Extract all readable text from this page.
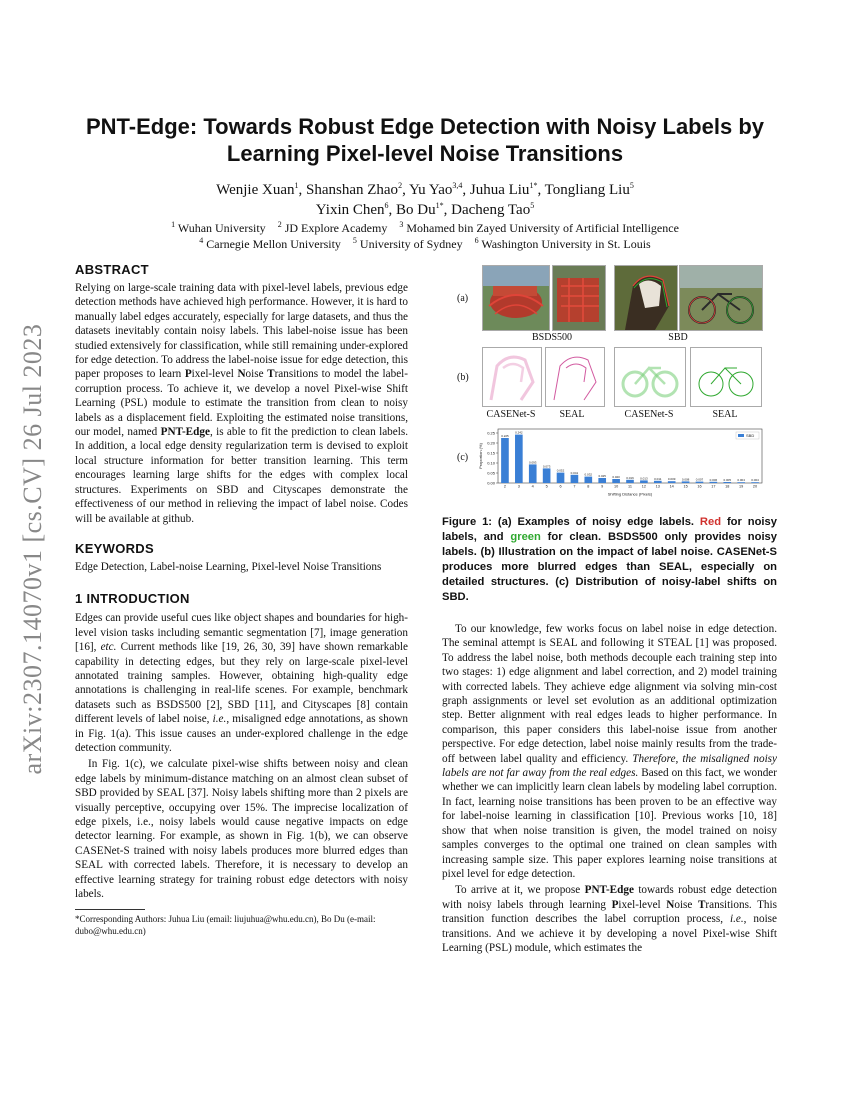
arXiv:2307.14070v1 [cs.CV] 26 Jul 2023
PNT-Edge: Towards Robust Edge Detection with Noisy Labels by
Learning Pixel-level Noise Transitions
Wenjie Xuan$^1$, Shanshan Zhao$^2$, Yu Yao$^{3,4}$, Juhua Liu$^{1*}$, Tongliang Liu$^5$
Yixin Chen$^6$, Bo $Du^{1*}$, Dacheng Tao$^5$
$^1$ Wuhan University    $^2$ JD Explore Academy    $^3$ Mohamed bin Zayed University of Artificial Intelligence
$^4$ Carnegie Mellon University    $^5$ University of Sydney    $^6$ Washington University in St. Louis
ABSTRACT

Relying on large-scale training data with pixel-level labels, previous edge detection methods have achieved high performance. However, it is hard to manually label edges accurately, especially for large datasets, and thus the datasets inevitably contain noisy labels. This label-noise issue has been studied extensively for classification, while still remaining under-explored for edge detection. To address the label-noise issue for edge detection, this paper proposes to learn Pixel-level Noise Transitions to model the label-corruption process. To achieve it, we develop a novel Pixel-wise Shift Learning (PSL) module to estimate the transition from clean to noisy labels as a displacement field. Exploiting the estimated noise transitions, our model, named PNT-Edge, is able to fit the prediction to clean labels. In addition, a local edge density regularization term is devised to exploit local structure information for better transition learning. This term encourages learning large shifts for the edges with complex local structures. Experiments on SBD and Cityscapes demonstrate the effectiveness of our method in relieving the impact of label noise. Codes will be available at github.

KEYWORDS
Edge Detection, Label-noise Learning, Pixel-level Noise Transitions
1 INTRODUCTION

Edges can provide useful cues like object shapes and boundaries for high-level vision tasks including semantic segmentation [7], image generation [16], etc. Current methods like [19, 26, 30, 39] have shown remarkable capability in detecting edges, but they rely on large-scale pixel-level annotated training samples. However, obtaining high-quality edge annotations is challenging in real-life scenes. For example, benchmark datasets such as BSDS500 [2], SBD [11], and Cityscapes [8] contain different levels of label noise, i.e., misaligned edge annotations, as shown in Fig. 1(a). This issue causes an under-explored challenge in the edge detection community.

In Fig. 1(c), we calculate pixel-wise shifts between noisy and clean edge labels by minimum-distance matching on an almost clean subset of SBD provided by SEAL [37]. Noisy labels shifting more than 2 pixels are visually perceptive, occupying over 15%. The imprecise localization of edge pixels, i.e., noisy labels would cause negative impacts on edge detector learning. For example, as shown in Fig. 1(b), we can observe CASENet-S trained with noisy labels produces more blurred edges than SEAL with corrected labels. Therefore, it is necessary to develop an effective learning strategy for training robust edge detectors with noisy labels.

*Corresponding Authors: Juhua Liu (email: liujuhua@whu.edu.cn), Bo Du (e-mail: dubo@whu.edu.cn)
(a)
(b)
(c)
BSDS500	SBD
CASENet-S	SEAL	CASENet-S	SEAL
0.00
0.05
0.10
0.15
0.20
0.25
0.225
2
0.242
3
0.093
4
0.073
5
0.052
6
0.041
7
0.032
8
0.025
9
0.020
10
0.016
11
0.013
12
0.011
13
0.009
14
0.008
15
0.007
16
0.006
17
0.005
18
0.004
19
0.004
20
Shifting Distance (Pixels)
Proportion (%)
SBD
Figure 1: (a) Examples of noisy edge labels. Red for noisy labels, and green for clean. BSDS500 only provides noisy labels. (b) Illustration on the impact of label noise. CASENet-S produces more blurred edges than SEAL, especially on detailed structures. (c) Distribution of noisy-label shifts on SBD.

To our knowledge, few works focus on label noise in edge detection. The seminal attempt is SEAL and following it STEAL [1] was proposed. To address the label noise, both methods decouple each training step into two stages: 1) edge alignment and label correction, and 2) model training with corrected labels. They achieve edge alignment via solving min-cost graph assignments or level set evolution as an additional optimization step. Better alignment with real edges leads to higher performance. In comparison, this paper considers this label-noise issue from another perspective. For edge detection, label noise mainly results from the trade-off between label quality and efficiency. Therefore, the misaligned noisy labels are not far away from the real edges. Based on this fact, we wonder whether we can implicitly learn clean labels by modeling label corruption. In fact, learning noise transitions has been proven to be an effective way for label-noise learning in classification [10]. Previous works [10, 18] show that when noise transition is given, the model trained on noisy samples converges to the optimal one trained on clean samples with increasing sample size. This paper explores learning noise transitions at pixel level for edge detection.

To arrive at it, we propose PNT-Edge towards robust edge detection with noisy labels through learning Pixel-level Noise Transitions. This transition function describes the label corruption process, i.e., noise transitions. And we achieve it by developing a novel Pixel-wise Shift Learning (PSL) module, which estimates the
